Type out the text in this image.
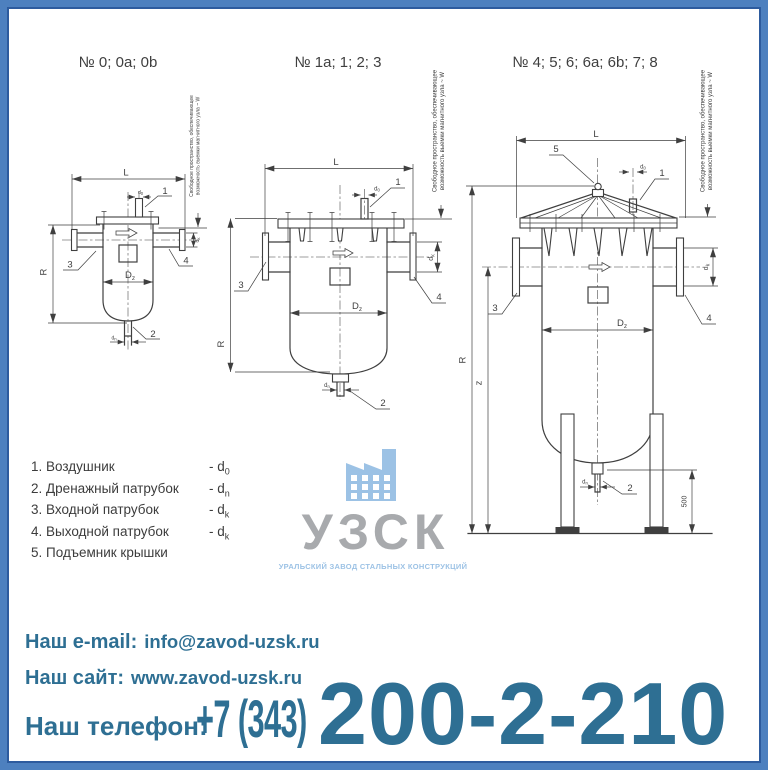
№ 0; 0a; 0b
L
R	$D_z$
$d_0$
$d_n$
$d_k$
1
2
3	4
Свободное пространство, обеспечивающее возможность выемки магнитного узла ~ W
№ 1a; 1; 2; 3
L
R
$D_z$
d0
dn
$d_k$
1
2
3
4
Свободное пространство, обеспечивающее возможность выемки магнитного узла ~ W
№ 4; 5; 6; 6a; 6b; 7; 8
L
R
z
$D_z$
d0
dn
$d_k$
500
1
2
3
4
5	Свободное пространство, обеспечивающее возможность выемки магнитного узла ~ W
1. Воздушник	- $d_0$
2. Дренажный патрубок - $d_n$
3. Входной патрубок	- $d_k$
4. Выходной патрубок	- $d_k$
5. Подъемник крышки	УЗСК
УРАЛЬСКИЙ ЗАВОД СТАЛЬНЫХ КОНСТРУКЦИЙ
Наш e-mail: info@zavod-uzsk.ru
Наш сайт: www.zavod-uzsk.ru
Наш телефон:
+7 (343) 200-2-210
